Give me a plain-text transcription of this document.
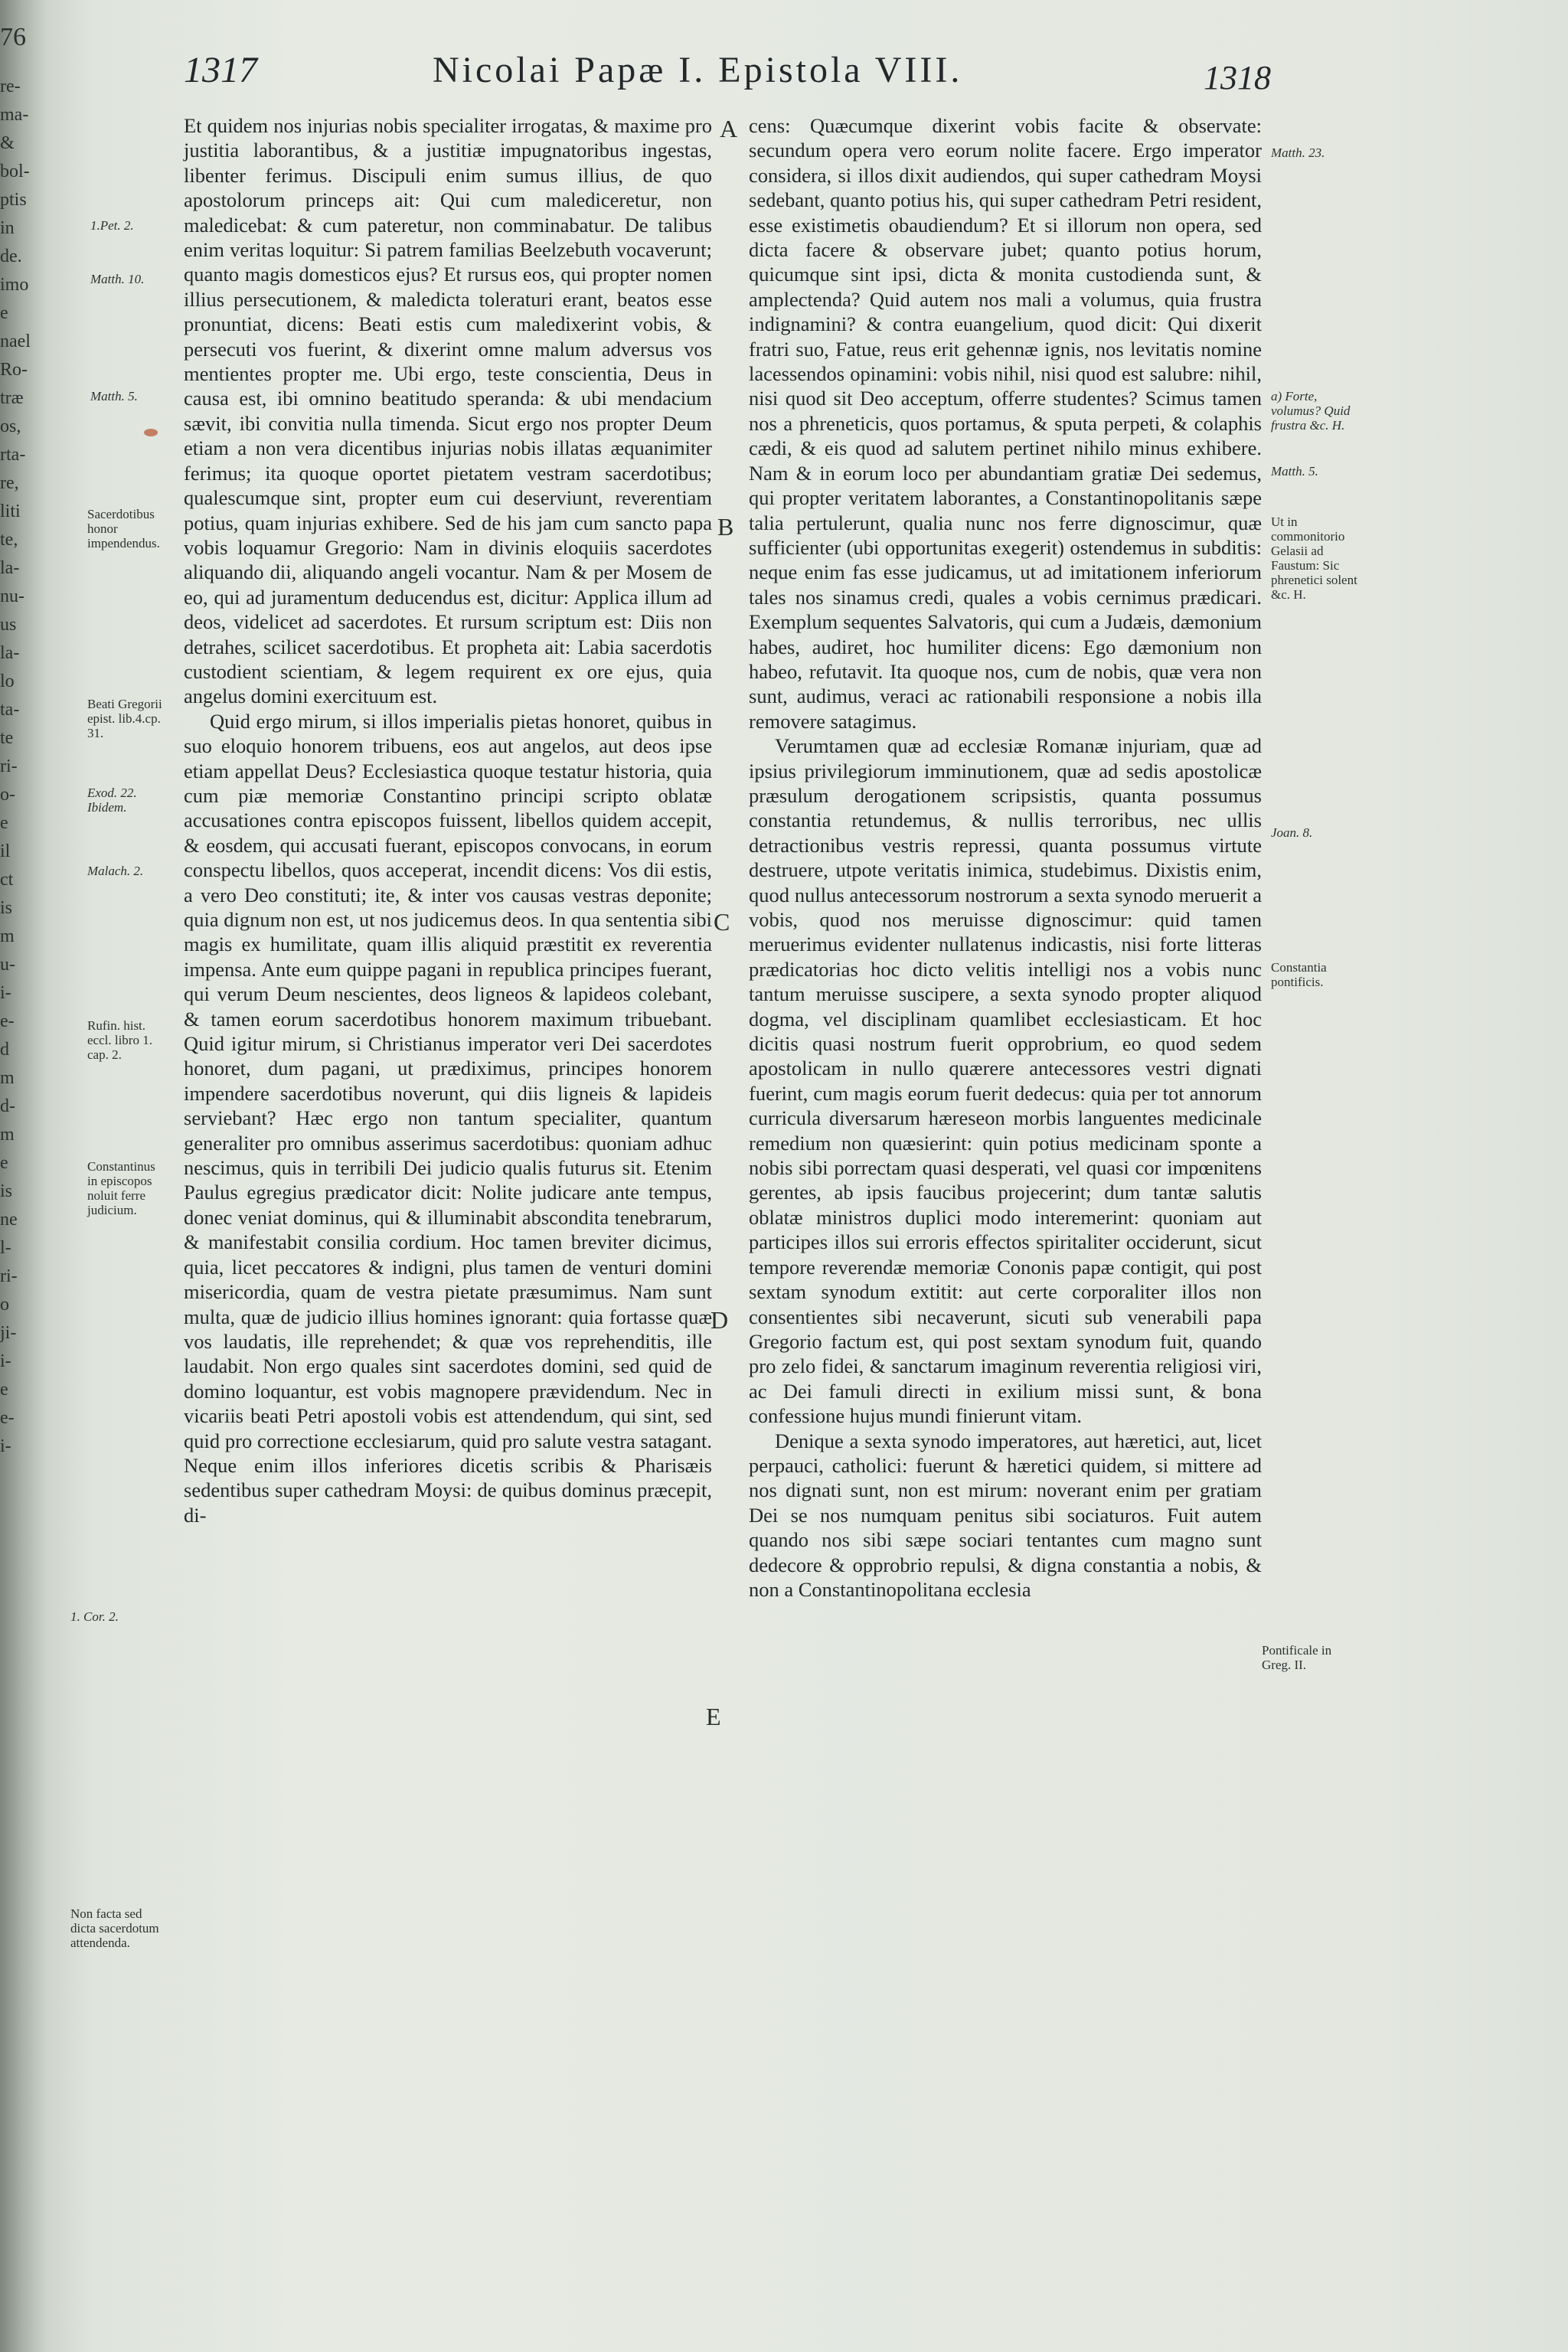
76
re-
ma-
&
bol-
ptis
in
de.
imo
e
nael
Ro-
træ
os,
rta-
re,
liti
te,
la-
nu-
us
la-
lo
ta-
te
ri-
o-
e
il
ct
is
m
u-
i-
e-
d
m
d-
m
e
is
ne
l-
ri-
o
ji-
i-
e
e-
i-
1317	Nicolai Papæ I. Epistola VIII.	1318
1.Pet. 2.
Matth. 10.
Matth. 5.
Sacerdotibus honor impendendus.
Beati Gregorii epist. lib.4.cp. 31.
Exod. 22. Ibidem.
Malach. 2.
Rufin. hist. eccl. libro 1. cap. 2.
Constantinus in episcopos noluit ferre judicium.
1. Cor. 2.
Non facta sed dicta sacerdotum attendenda.

Et quidem nos injurias nobis specialiter irrogatas, & maxime pro justitia laborantibus, & a justitiæ impugnatoribus ingestas, libenter ferimus. Discipuli enim sumus illius, de quo apostolorum princeps ait: Qui cum malediceretur, non maledicebat: & cum pateretur, non comminabatur. De talibus enim veritas loquitur: Si patrem familias Beelzebuth vocaverunt; quanto magis domesticos ejus? Et rursus eos, qui propter nomen illius persecutionem, & maledicta toleraturi erant, beatos esse pronuntiat, dicens: Beati estis cum maledixerint vobis, & persecuti vos fuerint, & dixerint omne malum adversus vos mentientes propter me. Ubi ergo, teste conscientia, Deus in causa est, ibi omnino beatitudo speranda: & ubi mendacium sævit, ibi convitia nulla timenda. Sicut ergo nos propter Deum etiam a non vera dicentibus injurias nobis illatas æquanimiter ferimus; ita quoque oportet pietatem vestram sacerdotibus; qualescumque sint, propter eum cui deserviunt, reverentiam potius, quam injurias exhibere. Sed de his jam cum sancto papa vobis loquamur Gregorio: Nam in divinis eloquiis sacerdotes aliquando dii, aliquando angeli vocantur. Nam & per Mosem de eo, qui ad juramentum deducendus est, dicitur: Applica illum ad deos, videlicet ad sacerdotes. Et rursum scriptum est: Diis non detrahes, scilicet sacerdotibus. Et propheta ait: Labia sacerdotis custodient scientiam, & legem requirent ex ore ejus, quia angelus domini exercituum est.

Quid ergo mirum, si illos imperialis pietas honoret, quibus in suo eloquio honorem tribuens, eos aut angelos, aut deos ipse etiam appellat Deus? Ecclesiastica quoque testatur historia, quia cum piæ memoriæ Constantino principi scripto oblatæ accusationes contra episcopos fuissent, libellos quidem accepit, & eosdem, qui accusati fuerant, episcopos convocans, in eorum conspectu libellos, quos acceperat, incendit dicens: Vos dii estis, a vero Deo constituti; ite, & inter vos causas vestras deponite; quia dignum non est, ut nos judicemus deos. In qua sententia sibi magis ex humilitate, quam illis aliquid præstitit ex reverentia impensa. Ante eum quippe pagani in republica principes fuerant, qui verum Deum nescientes, deos ligneos & lapideos colebant, & tamen eorum sacerdotibus honorem maximum tribuebant. Quid igitur mirum, si Christianus imperator veri Dei sacerdotes honoret, dum pagani, ut prædiximus, principes honorem impendere sacerdotibus noverunt, qui diis ligneis & lapideis serviebant? Hæc ergo non tantum specialiter, quantum generaliter pro omnibus asserimus sacerdotibus: quoniam adhuc nescimus, quis in terribili Dei judicio qualis futurus sit. Etenim Paulus egregius prædicator dicit: Nolite judicare ante tempus, donec veniat dominus, qui & illuminabit abscondita tenebrarum, & manifestabit consilia cordium. Hoc tamen breviter dicimus, quia, licet peccatores & indigni, plus tamen de venturi domini misericordia, quam de vestra pietate præsumimus. Nam sunt multa, quæ de judicio illius homines ignorant: quia fortasse quæ vos laudatis, ille reprehendet; & quæ vos reprehenditis, ille laudabit. Non ergo quales sint sacerdotes domini, sed quid de domino loquantur, est vobis magnopere prævidendum. Nec in vicariis beati Petri apostoli vobis est attendendum, qui sint, sed quid pro correctione ecclesiarum, quid pro salute vestra satagant. Neque enim illos inferiores dicetis scribis & Pharisæis sedentibus super cathedram Moysi: de quibus dominus præcepit, di-

A
B
C
D
E

cens: Quæcumque dixerint vobis facite & observate: secundum opera vero eorum nolite facere. Ergo imperator considera, si illos dixit audiendos, qui super cathedram Moysi sedebant, quanto potius his, qui super cathedram Petri resident, esse existimetis obaudiendum? Et si illorum non opera, sed dicta facere & observare jubet; quanto potius horum, quicumque sint ipsi, dicta & monita custodienda sunt, & amplectenda? Quid autem nos mali a volumus, quia frustra indignamini? & contra euangelium, quod dicit: Qui dixerit fratri suo, Fatue, reus erit gehennæ ignis, nos levitatis nomine lacessendos opinamini: vobis nihil, nisi quod est salubre: nihil, nisi quod sit Deo acceptum, offerre studentes? Scimus tamen nos a phreneticis, quos portamus, & sputa perpeti, & colaphis cædi, & eis quod ad salutem pertinet nihilo minus exhibere. Nam & in eorum loco per abundantiam gratiæ Dei sedemus, qui propter veritatem laborantes, a Constantinopolitanis sæpe talia pertulerunt, qualia nunc nos ferre dignoscimur, quæ sufficienter (ubi opportunitas exegerit) ostendemus in subditis: neque enim fas esse judicamus, ut ad imitationem inferiorum tales nos sinamus credi, quales a vobis cernimus prædicari. Exemplum sequentes Salvatoris, qui cum a Judæis, dæmonium habes, audiret, hoc humiliter dicens: Ego dæmonium non habeo, refutavit. Ita quoque nos, cum de nobis, quæ vera non sunt, audimus, veraci ac rationabili responsione a nobis illa removere satagimus.

Verumtamen quæ ad ecclesiæ Romanæ injuriam, quæ ad ipsius privilegiorum imminutionem, quæ ad sedis apostolicæ præsulum derogationem scripsistis, quanta possumus constantia retundemus, & nullis terroribus, nec ullis detractionibus vestris repressi, quanta possumus virtute destruere, utpote veritatis inimica, studebimus. Dixistis enim, quod nullus antecessorum nostrorum a sexta synodo meruerit a vobis, quod nos meruisse dignoscimur: quid tamen meruerimus evidenter nullatenus indicastis, nisi forte litteras prædicatorias hoc dicto velitis intelligi nos a vobis nunc tantum meruisse suscipere, a sexta synodo propter aliquod dogma, vel disciplinam quamlibet ecclesiasticam. Et hoc dicitis quasi nostrum fuerit opprobrium, eo quod sedem apostolicam in nullo quærere antecessores vestri dignati fuerint, cum magis eorum fuerit dedecus: quia per tot annorum curricula diversarum hæreseon morbis languentes medicinale remedium non quæsierint: quin potius medicinam sponte a nobis sibi porrectam quasi desperati, vel quasi cor impœnitens gerentes, ab ipsis faucibus projecerint; dum tantæ salutis oblatæ ministros duplici modo interemerint: quoniam aut participes illos sui erroris effectos spiritaliter occiderunt, sicut tempore reverendæ memoriæ Cononis papæ contigit, qui post sextam synodum extitit: aut certe corporaliter illos non consentientes sibi necaverunt, sicuti sub venerabili papa Gregorio factum est, qui post sextam synodum fuit, quando pro zelo fidei, & sanctarum imaginum reverentia religiosi viri, ac Dei famuli directi in exilium missi sunt, & bona confessione hujus mundi finierunt vitam.

Denique a sexta synodo imperatores, aut hæretici, aut, licet perpauci, catholici: fuerunt & hæretici quidem, si mittere ad nos dignati sunt, non est mirum: noverant enim per gratiam Dei se nos numquam penitus sibi sociaturos. Fuit autem quando nos sibi sæpe sociari tentantes cum magno sunt dedecore & opprobrio repulsi, & digna constantia a nobis, & non a Constantinopolitana ecclesia

Matth. 23.
a) Forte, volumus? Quid frustra &c. H.
Matth. 5.
Ut in commonitorio Gelasii ad Faustum: Sic phrenetici solent &c. H.
Joan. 8.
Constantia pontificis.
Pontificale in Greg. II.
